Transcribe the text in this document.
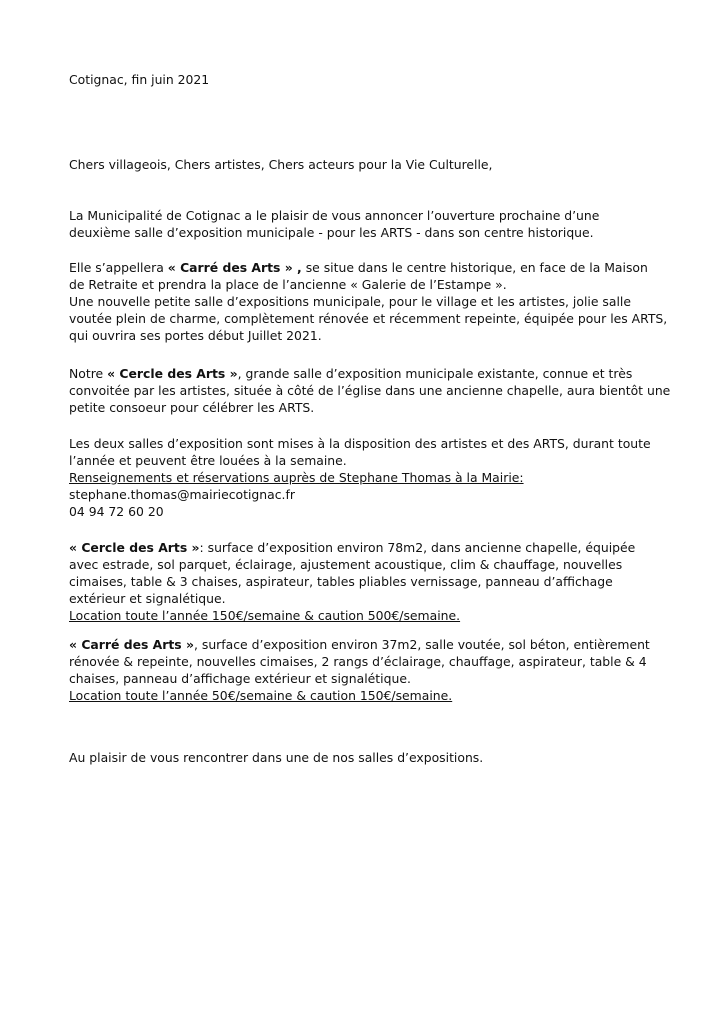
Cotignac, fin juin 2021

Chers villageois, Chers artistes, Chers acteurs pour la Vie Culturelle,

La Municipalité de Cotignac a le plaisir de vous annoncer l’ouverture prochaine d’une
deuxième salle d’exposition municipale - pour les ARTS - dans son centre historique.

Elle s’appellera « Carré des Arts » , se situe dans le centre historique, en face de la Maison
de Retraite et prendra la place de l’ancienne « Galerie de l’Estampe ».
Une nouvelle petite salle d’expositions municipale, pour le village et les artistes, jolie salle
voutée plein de charme, complètement rénovée et récemment repeinte, équipée pour les ARTS,
qui ouvrira ses portes début Juillet 2021.

Notre « Cercle des Arts », grande salle d’exposition municipale existante, connue et très
convoitée par les artistes, située à côté de l’église dans une ancienne chapelle, aura bientôt une
petite consoeur pour célébrer les ARTS.

Les deux salles d’exposition sont mises à la disposition des artistes et des ARTS, durant toute
l’année et peuvent être louées à la semaine.
Renseignements et réservations auprès de Stephane Thomas à la Mairie:
stephane.thomas@mairiecotignac.fr
04 94 72 60 20

« Cercle des Arts »: surface d’exposition environ 78m2, dans ancienne chapelle, équipée
avec estrade, sol parquet, éclairage, ajustement acoustique, clim & chauffage, nouvelles
cimaises, table & 3 chaises, aspirateur, tables pliables vernissage, panneau d’affichage
extérieur et signalétique.
Location toute l’année 150€/semaine & caution 500€/semaine.

« Carré des Arts », surface d’exposition environ 37m2, salle voutée, sol béton, entièrement
rénovée & repeinte, nouvelles cimaises, 2 rangs d’éclairage, chauffage, aspirateur, table & 4
chaises, panneau d’affichage extérieur et signalétique.
Location toute l’année 50€/semaine & caution 150€/semaine.

Au plaisir de vous rencontrer dans une de nos salles d’expositions.
